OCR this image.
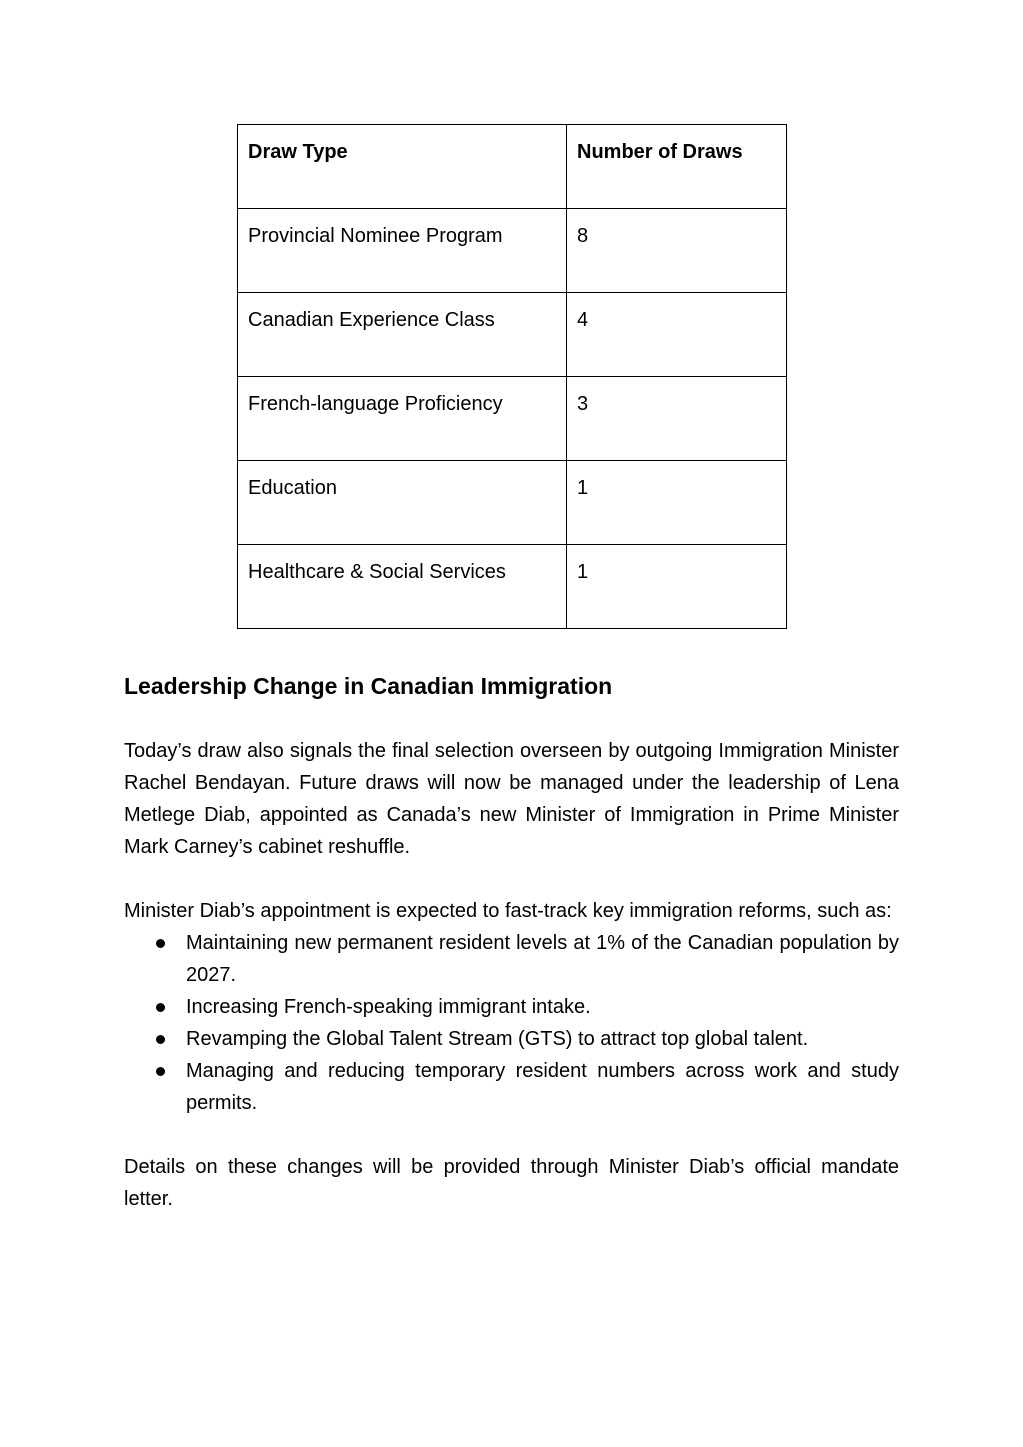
Draw Type	Number of Draws

Provincial Nominee Program	8

Canadian Experience Class	4

French-language Proficiency	3

Education	1

Healthcare & Social Services	1
Leadership Change in Canadian Immigration

Today’s draw also signals the final selection overseen by outgoing Immigration Minister Rachel Bendayan. Future draws will now be managed under the leadership of Lena Metlege Diab, appointed as Canada’s new Minister of Immigration in Prime Minister Mark Carney’s cabinet reshuffle.

Minister Diab’s appointment is expected to fast-track key immigration reforms, such as:

Maintaining new permanent resident levels at 1% of the Canadian population by 2027.
Increasing French-speaking immigrant intake.
Revamping the Global Talent Stream (GTS) to attract top global talent.
Managing and reducing temporary resident numbers across work and study permits.

Details on these changes will be provided through Minister Diab’s official mandate letter.
